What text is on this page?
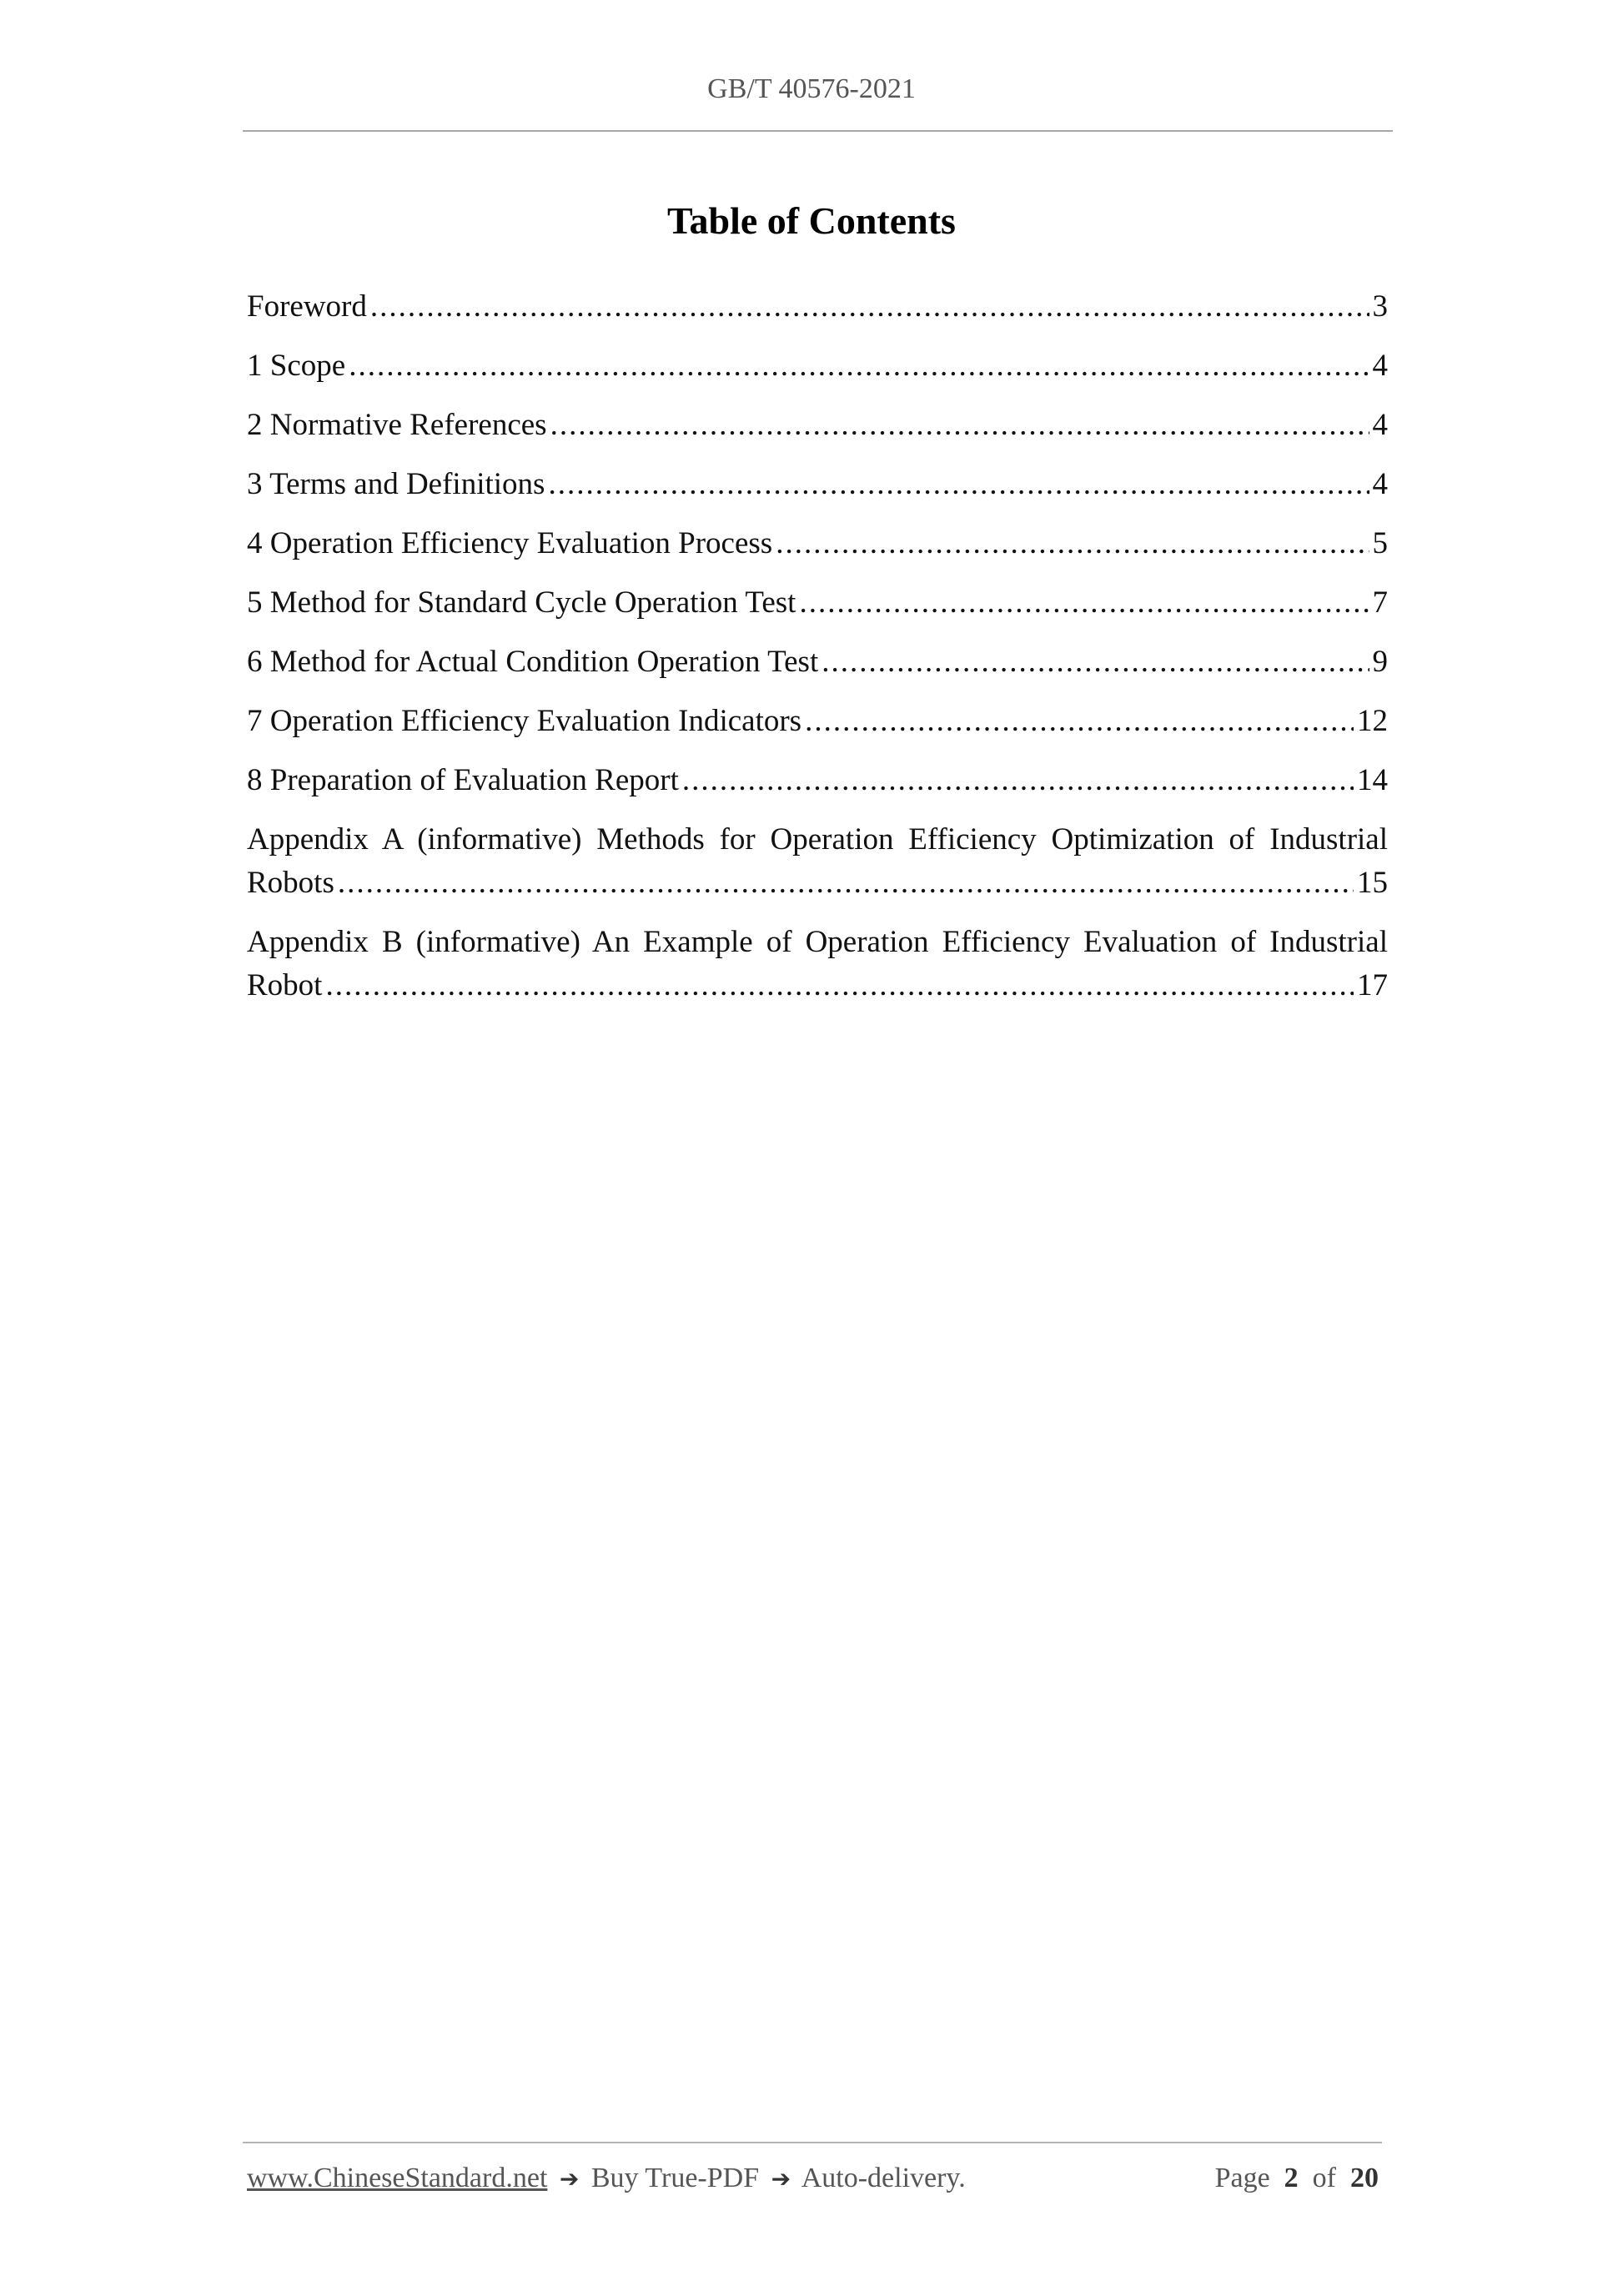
GB/T 40576-2021
Table of Contents
Foreword .....	3
1 Scope .....	4
2 Normative References .....	4
3 Terms and Definitions .....	4
4 Operation Efficiency Evaluation Process .....	5
5 Method for Standard Cycle Operation Test .....	7
6 Method for Actual Condition Operation Test .....	9
7 Operation Efficiency Evaluation Indicators .....	12
8 Preparation of Evaluation Report .....	14
Appendix A (informative) Methods for Operation Efficiency Optimization of Industrial
Robots .....	15
Appendix B (informative) An Example of Operation Efficiency Evaluation of Industrial
Robot .....	17
www.ChineseStandard.net ➔ Buy True-PDF ➔ Auto-delivery.	Page 2 of 20
